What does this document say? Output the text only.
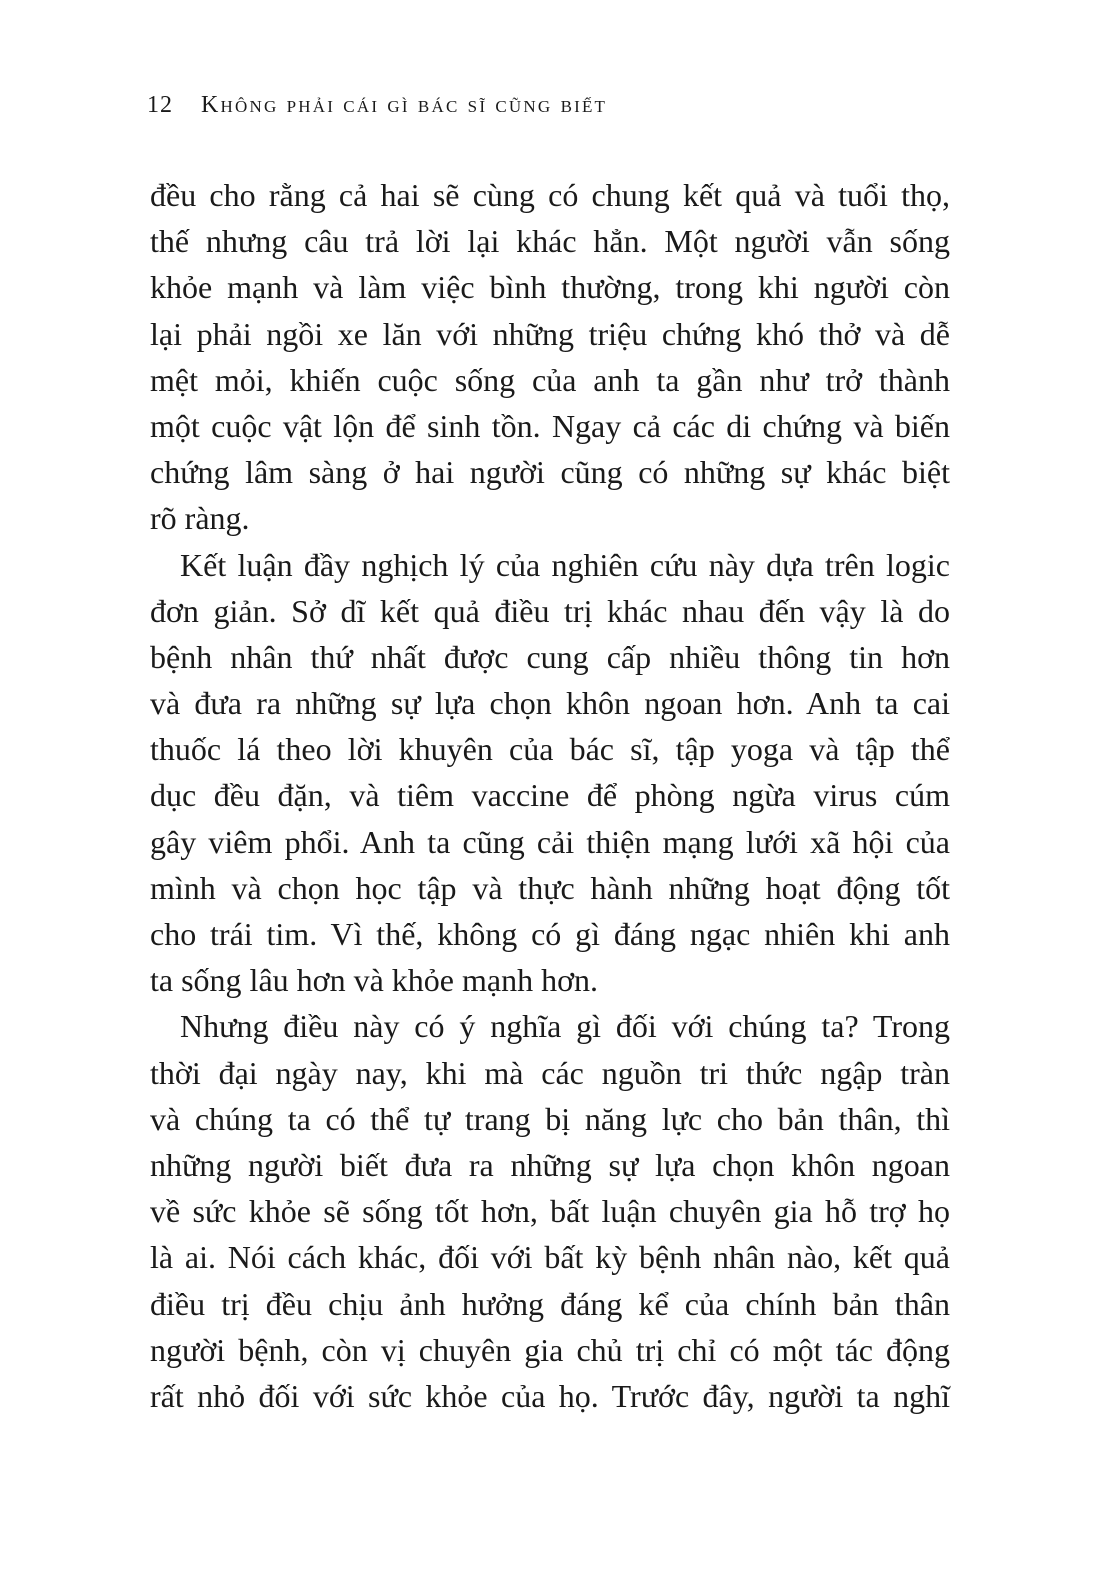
12 Không phải cái gì bác sĩ cũng biết
đều cho rằng cả hai sẽ cùng có chung kết quả và tuổi thọ,
thế nhưng câu trả lời lại khác hẳn. Một người vẫn sống
khỏe mạnh và làm việc bình thường, trong khi người còn
lại phải ngồi xe lăn với những triệu chứng khó thở và dễ
mệt mỏi, khiến cuộc sống của anh ta gần như trở thành
một cuộc vật lộn để sinh tồn. Ngay cả các di chứng và biến
chứng lâm sàng ở hai người cũng có những sự khác biệt
rõ ràng.
Kết luận đầy nghịch lý của nghiên cứu này dựa trên logic
đơn giản. Sở dĩ kết quả điều trị khác nhau đến vậy là do
bệnh nhân thứ nhất được cung cấp nhiều thông tin hơn
và đưa ra những sự lựa chọn khôn ngoan hơn. Anh ta cai
thuốc lá theo lời khuyên của bác sĩ, tập yoga và tập thể
dục đều đặn, và tiêm vaccine để phòng ngừa virus cúm
gây viêm phổi. Anh ta cũng cải thiện mạng lưới xã hội của
mình và chọn học tập và thực hành những hoạt động tốt
cho trái tim. Vì thế, không có gì đáng ngạc nhiên khi anh
ta sống lâu hơn và khỏe mạnh hơn.
Nhưng điều này có ý nghĩa gì đối với chúng ta? Trong
thời đại ngày nay, khi mà các nguồn tri thức ngập tràn
và chúng ta có thể tự trang bị năng lực cho bản thân, thì
những người biết đưa ra những sự lựa chọn khôn ngoan
về sức khỏe sẽ sống tốt hơn, bất luận chuyên gia hỗ trợ họ
là ai. Nói cách khác, đối với bất kỳ bệnh nhân nào, kết quả
điều trị đều chịu ảnh hưởng đáng kể của chính bản thân
người bệnh, còn vị chuyên gia chủ trị chỉ có một tác động
rất nhỏ đối với sức khỏe của họ. Trước đây, người ta nghĩ
